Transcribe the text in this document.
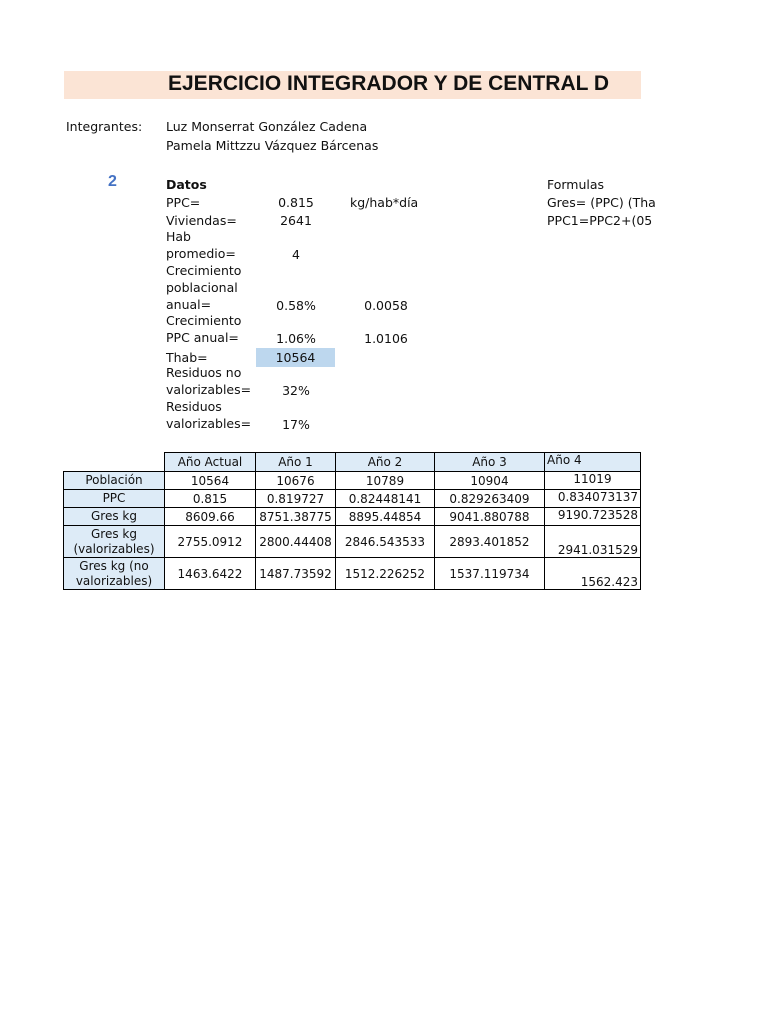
EJERCICIO INTEGRADOR Y DE CENTRAL D
Integrantes: Luz Monserrat González Cadena
Pamela Mittzzu Vázquez Bárcenas
2	Datos
PPC=	0.815	kg/hab*día
Viviendas=	2641
Hab
promedio=	4
Crecimiento
poblacional
anual=	0.58%	0.0058
Crecimiento
PPC anual=	1.06%	1.0106
Thab=	10564
Residuos no
valorizables=	32%
Residuos
valorizables=	17%
Formulas
Gres= (PPC) (Tha
PPC1=PPC2+(05
	Año Actual	Año 1	Año 2	Año 3	Año 4
Población	10564	10676	10789	10904	11019
PPC	0.815	0.819727	0.82448141	0.829263409	0.834073137
Gres kg	8609.66	8751.38775	8895.44854	9041.880788	9190.723528
Gres kg (valorizables)	2755.0912	2800.44408	2846.543533	2893.401852	2941.031529
Gres kg (no valorizables)	1463.6422	1487.73592	1512.226252	1537.119734	1562.423
